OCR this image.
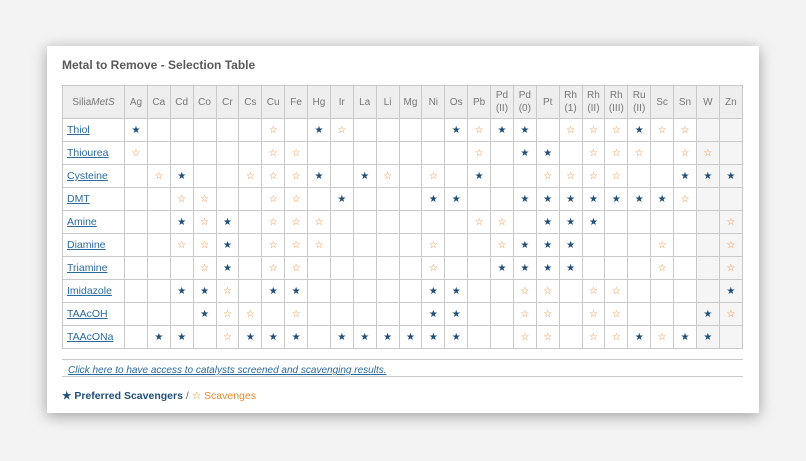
Metal to Remove - Selection Table
SiliaMetS	Ag	Ca	Cd	Co	Cr	Cs	Cu	Fe	Hg	Ir	La	Li	Mg	Ni	Os	Pb	Pd
(II)	Pd
(0)	Pt	Rh
(1)	Rh
(II)	Rh
(III)	Ru
(II)	Sc	Sn	W	Zn
Thiol	★						☆		★	☆					★	☆	★	★		☆	☆	☆	★	☆	☆		
Thiourea	☆						☆	☆								☆		★	★		☆	☆	☆		☆	☆	
Cysteine		☆	★			☆	☆	☆	★		★	☆		☆		★			☆	☆	☆	☆			★	★	★
DMT			☆	☆			☆	☆		★				★	★			★	★	★	★	★	★	★	☆		
Amine			★	☆	★		☆	☆	☆							☆	☆		★	★	★						☆
Diamine			☆	☆	★		☆	☆	☆					☆			☆	★	★	★				☆			☆
Triamine				☆	★		☆	☆						☆			★	★	★	★				☆			☆
Imidazole			★	★	☆		★	★						★	★			☆	☆		☆	☆					★
TAAcOH				★	☆	☆		☆						★	★			☆	☆		☆	☆				★	☆
TAAcONa		★	★		☆	★	★	★		★	★	★	★	★	★			☆	☆		☆	☆	★	☆	★	★	
Click here to have access to catalysts screened and scavenging results.
★ Preferred Scavengers / ☆ Scavenges
